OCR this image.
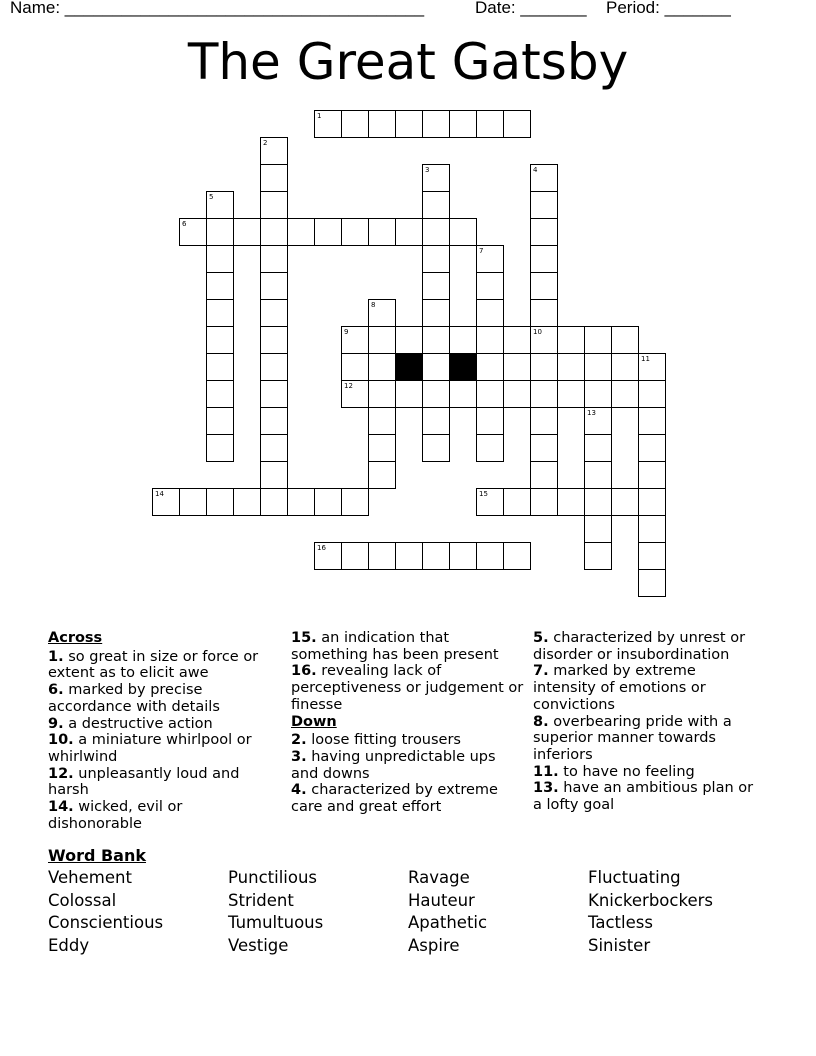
Name: ______________________________________	Date: _______ Period: _______
The Great Gatsby
1
2
3	4
5
6
7
8
9	10
11
12
13
14	15
16
Across
1. so great in size or force or extent as to elicit awe
6. marked by precise accordance with details
9. a destructive action
10. a miniature whirlpool or whirlwind
12. unpleasantly loud and harsh
14. wicked, evil or dishonorable
15. an indication that something has been present
16. revealing lack of perceptiveness or judgement or finesse
Down
2. loose fitting trousers
3. having unpredictable ups and downs
4. characterized by extreme care and great effort
5. characterized by unrest or disorder or insubordination
7. marked by extreme intensity of emotions or convictions
8. overbearing pride with a superior manner towards inferiors
11. to have no feeling
13. have an ambitious plan or a lofty goal
Word Bank
Vehement	Punctilious	Ravage	Fluctuating
Colossal	Strident	Hauteur	Knickerbockers
Conscientious	Tumultuous	Apathetic	Tactless
Eddy	Vestige	Aspire	Sinister
